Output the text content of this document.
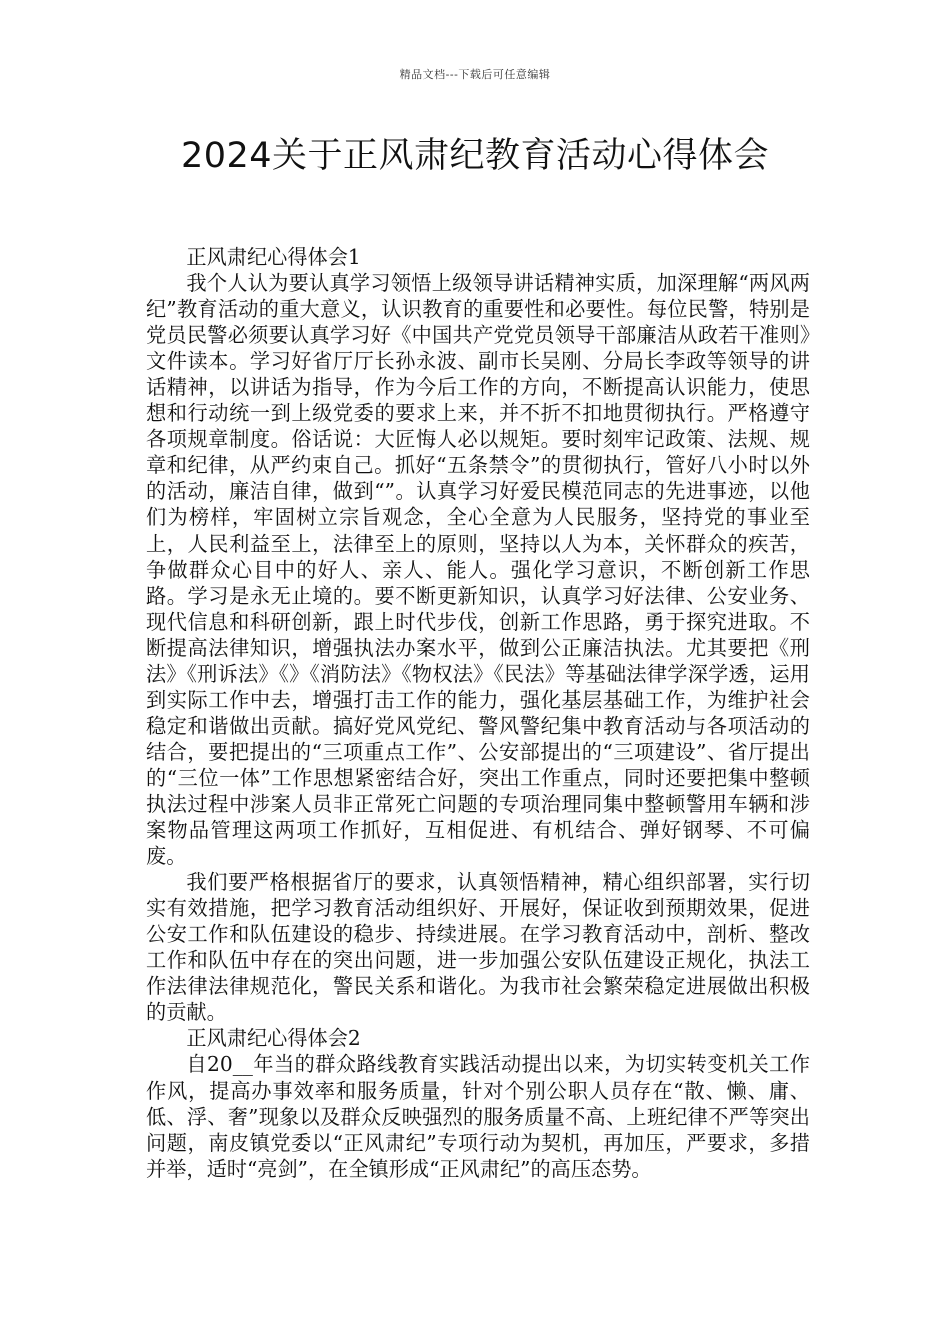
精品文档---下载后可任意编辑
2024关于正风肃纪教育活动心得体会

正风肃纪心得体会1

我个人认为要认真学习领悟上级领导讲话精神实质，加深理解“两风两纪”教育活动的重大意义，认识教育的重要性和必要性。每位民警，特别是党员民警必须要认真学习好《中国共产党党员领导干部廉洁从政若干准则》文件读本。学习好省厅厅长孙永波、副市长吴刚、分局长李政等领导的讲话精神，以讲话为指导，作为今后工作的方向，不断提高认识能力，使思想和行动统一到上级党委的要求上来，并不折不扣地贯彻执行。严格遵守各项规章制度。俗话说：大匠悔人必以规矩。要时刻牢记政策、法规、规章和纪律，从严约束自己。抓好“五条禁令”的贯彻执行，管好八小时以外的活动，廉洁自律，做到“”。认真学习好爱民模范同志的先进事迹，以他们为榜样，牢固树立宗旨观念，全心全意为人民服务，坚持党的事业至上，人民利益至上，法律至上的原则，坚持以人为本，关怀群众的疾苦，争做群众心目中的好人、亲人、能人。强化学习意识，不断创新工作思路。学习是永无止境的。要不断更新知识，认真学习好法律、公安业务、现代信息和科研创新，跟上时代步伐，创新工作思路，勇于探究进取。不断提高法律知识，增强执法办案水平，做到公正廉洁执法。尤其要把《刑法》《刑诉法》《》《消防法》《物权法》《民法》等基础法律学深学透，运用到实际工作中去，增强打击工作的能力，强化基层基础工作，为维护社会稳定和谐做出贡献。搞好党风党纪、警风警纪集中教育活动与各项活动的结合，要把提出的“三项重点工作”、公安部提出的“三项建设”、省厅提出的“三位一体”工作思想紧密结合好，突出工作重点，同时还要把集中整顿执法过程中涉案人员非正常死亡问题的专项治理同集中整顿警用车辆和涉案物品管理这两项工作抓好，互相促进、有机结合、弹好钢琴、不可偏废。

我们要严格根据省厅的要求，认真领悟精神，精心组织部署，实行切实有效措施，把学习教育活动组织好、开展好，保证收到预期效果，促进公安工作和队伍建设的稳步、持续进展。在学习教育活动中，剖析、整改工作和队伍中存在的突出问题，进一步加强公安队伍建设正规化，执法工作法律法律规范化，警民关系和谐化。为我市社会繁荣稳定进展做出积极的贡献。

正风肃纪心得体会2

自20__年当的群众路线教育实践活动提出以来，为切实转变机关工作作风，提高办事效率和服务质量，针对个别公职人员存在“散、懒、庸、低、浮、奢”现象以及群众反映强烈的服务质量不高、上班纪律不严等突出问题，南皮镇党委以“正风肃纪”专项行动为契机，再加压，严要求，多措并举，适时“亮剑”，在全镇形成“正风肃纪”的高压态势。
